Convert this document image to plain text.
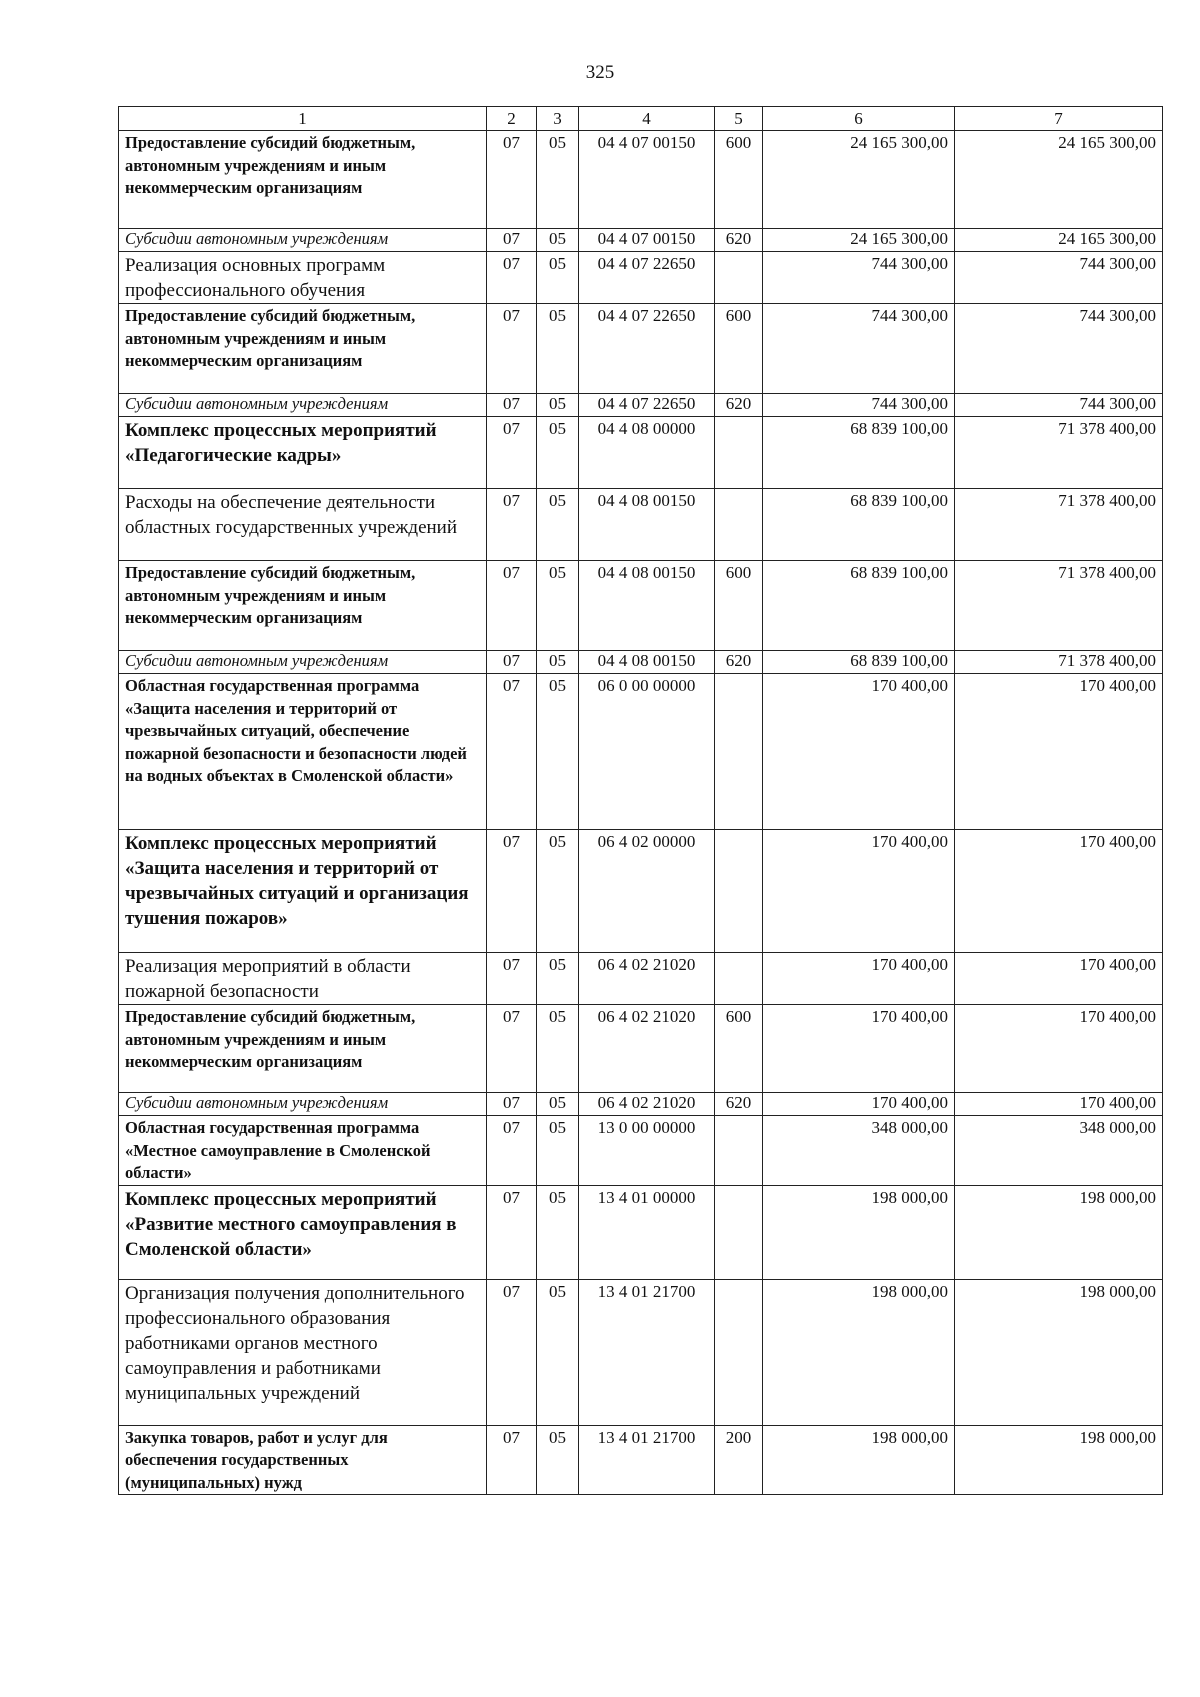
325
1	2	3	4	5	6	7
Предоставление субсидий бюджетным, автономным учреждениям и иным некоммерческим организациям	07	05	04 4 07 00150	600	24 165 300,00	24 165 300,00
Субсидии автономным учреждениям	07	05	04 4 07 00150	620	24 165 300,00	24 165 300,00
Реализация основных программ профессионального обучения	07	05	04 4 07 22650		744 300,00	744 300,00
Предоставление субсидий бюджетным, автономным учреждениям и иным некоммерческим организациям	07	05	04 4 07 22650	600	744 300,00	744 300,00
Субсидии автономным учреждениям	07	05	04 4 07 22650	620	744 300,00	744 300,00
Комплекс процессных мероприятий «Педагогические кадры»	07	05	04 4 08 00000		68 839 100,00	71 378 400,00
Расходы на обеспечение деятельности областных государственных учреждений	07	05	04 4 08 00150		68 839 100,00	71 378 400,00
Предоставление субсидий бюджетным, автономным учреждениям и иным некоммерческим организациям	07	05	04 4 08 00150	600	68 839 100,00	71 378 400,00
Субсидии автономным учреждениям	07	05	04 4 08 00150	620	68 839 100,00	71 378 400,00
Областная государственная программа «Защита населения и территорий от чрезвычайных ситуаций, обеспечение пожарной безопасности и безопасности людей на водных объектах в Смоленской области»	07	05	06 0 00 00000		170 400,00	170 400,00
Комплекс процессных мероприятий «Защита населения и территорий от чрезвычайных ситуаций и организация тушения пожаров»	07	05	06 4 02 00000		170 400,00	170 400,00
Реализация мероприятий в области пожарной безопасности	07	05	06 4 02 21020		170 400,00	170 400,00
Предоставление субсидий бюджетным, автономным учреждениям и иным некоммерческим организациям	07	05	06 4 02 21020	600	170 400,00	170 400,00
Субсидии автономным учреждениям	07	05	06 4 02 21020	620	170 400,00	170 400,00
Областная государственная программа «Местное самоуправление в Смоленской области»	07	05	13 0 00 00000		348 000,00	348 000,00
Комплекс процессных мероприятий «Развитие местного самоуправления в Смоленской области»	07	05	13 4 01 00000		198 000,00	198 000,00
Организация получения дополнительного профессионального образования работниками органов местного самоуправления и работниками муниципальных учреждений	07	05	13 4 01 21700		198 000,00	198 000,00
Закупка товаров, работ и услуг для обеспечения государственных (муниципальных) нужд	07	05	13 4 01 21700	200	198 000,00	198 000,00
